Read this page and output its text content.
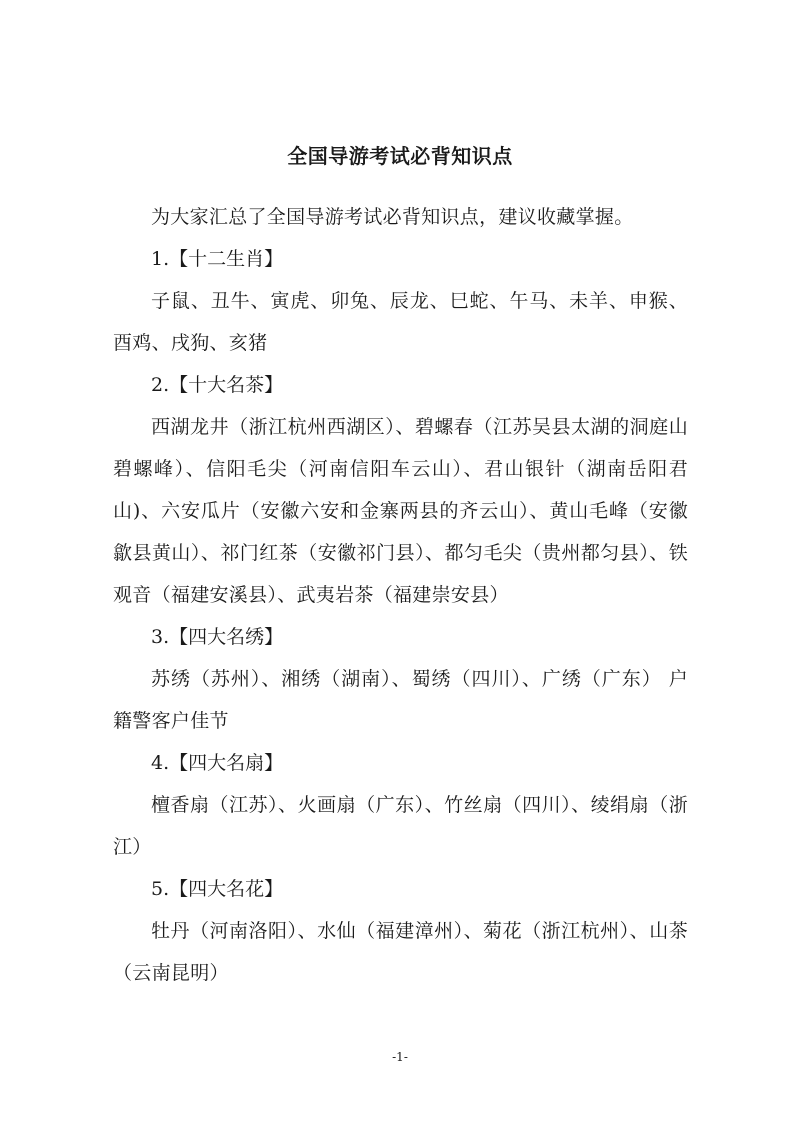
全国导游考试必背知识点

为大家汇总了全国导游考试必背知识点，建议收藏掌握。

1.【十二生肖】

子鼠、丑牛、寅虎、卯兔、辰龙、巳蛇、午马、未羊、申猴、酉鸡、戌狗、亥猪

2.【十大名茶】

西湖龙井（浙江杭州西湖区）、碧螺春（江苏吴县太湖的洞庭山碧螺峰）、信阳毛尖（河南信阳车云山）、君山银针（湖南岳阳君山)、六安瓜片（安徽六安和金寨两县的齐云山）、黄山毛峰（安徽歙县黄山）、祁门红茶（安徽祁门县）、都匀毛尖（贵州都匀县）、铁观音（福建安溪县）、武夷岩茶（福建崇安县）

3.【四大名绣】

苏绣（苏州）、湘绣（湖南）、蜀绣（四川）、广绣（广东） 户籍警客户佳节

4.【四大名扇】

檀香扇（江苏）、火画扇（广东）、竹丝扇（四川）、绫绢扇（浙江）

5.【四大名花】

牡丹（河南洛阳）、水仙（福建漳州）、菊花（浙江杭州）、山茶（云南昆明）

-1-
